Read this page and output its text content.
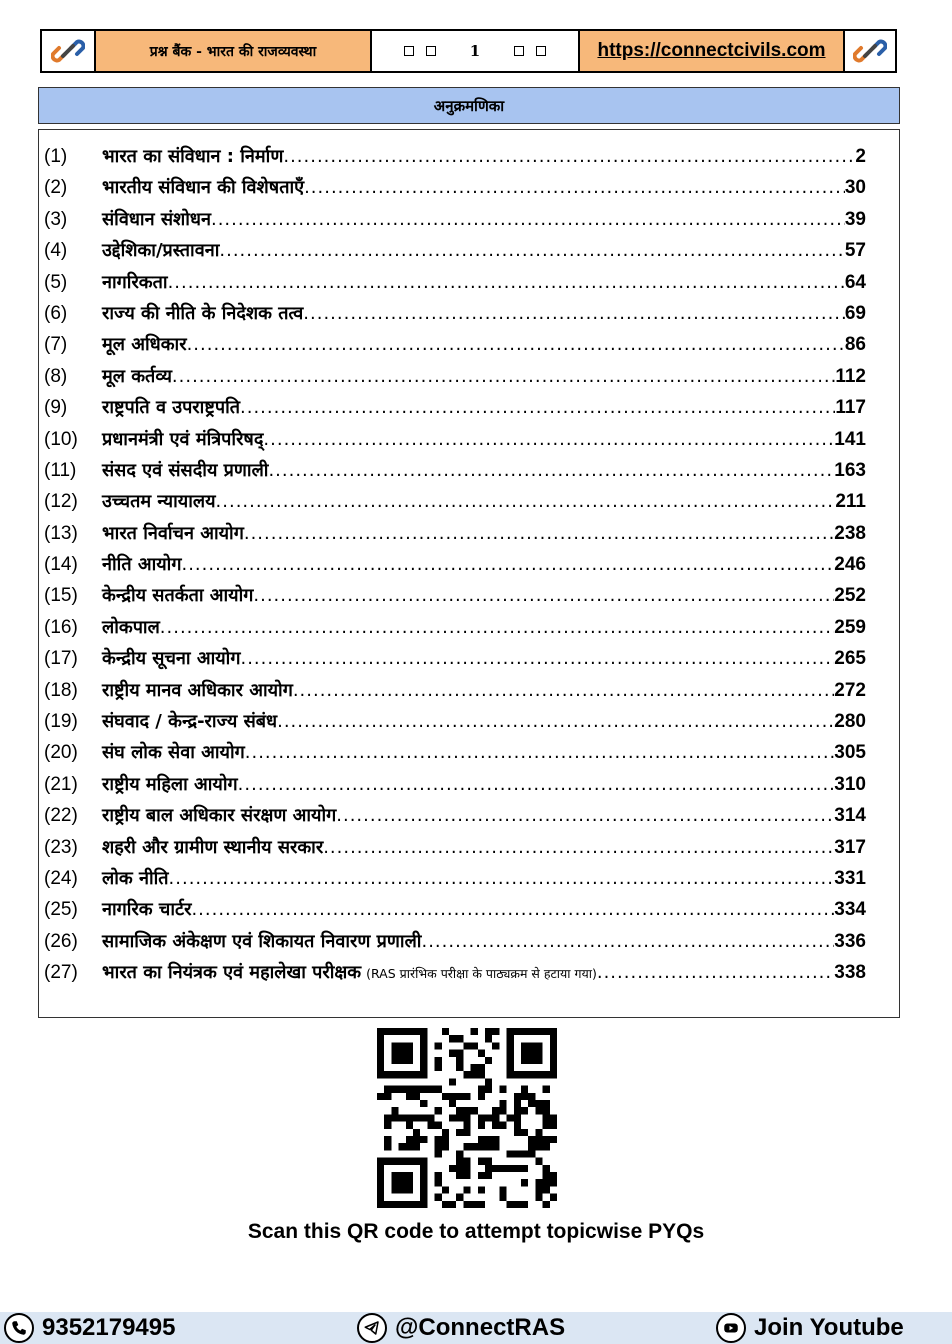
प्रश्न बैंक - भारत की राजव्यवस्था	1	https://connectcivils.com
अनुक्रमणिका
(1)	भारत का संविधान : निर्माण .....	2
(2)	भारतीय संविधान की विशेषताएँ .....	30
(3)	संविधान संशोधन .....	39
(4)	उद्देशिका/प्रस्तावना .....	57
(5)	नागरिकता .....	64
(6)	राज्य की नीति के निदेशक तत्व .....	69
(7)	मूल अधिकार .....	86
(8)	मूल कर्तव्य .....	112
(9)	राष्ट्रपति व उपराष्ट्रपति .....	117
(10)	प्रधानमंत्री एवं मंत्रिपरिषद् .....	141
(11)	संसद एवं संसदीय प्रणाली .....	163
(12)	उच्चतम न्यायालय .....	211
(13)	भारत निर्वाचन आयोग .....	238
(14)	नीति आयोग .....	246
(15)	केन्द्रीय सतर्कता आयोग .....	252
(16)	लोकपाल .....	259
(17)	केन्द्रीय सूचना आयोग .....	265
(18)	राष्ट्रीय मानव अधिकार आयोग .....	272
(19)	संघवाद / केन्द्र-राज्य संबंध .....	280
(20)	संघ लोक सेवा आयोग .....	305
(21)	राष्ट्रीय महिला आयोग .....	310
(22)	राष्ट्रीय बाल अधिकार संरक्षण आयोग .....	314
(23)	शहरी और ग्रामीण स्थानीय सरकार .....	317
(24)	लोक नीति .....	331
(25)	नागरिक चार्टर .....	334
(26)	सामाजिक अंकेक्षण एवं शिकायत निवारण प्रणाली .....	336
(27)	भारत का नियंत्रक एवं महालेखा परीक्षक (RAS प्रारंभिक परीक्षा के पाठ्यक्रम से हटाया गया) .....	338
Scan this QR code to attempt topicwise PYQs
9352179495	@ConnectRAS	Join Youtube
